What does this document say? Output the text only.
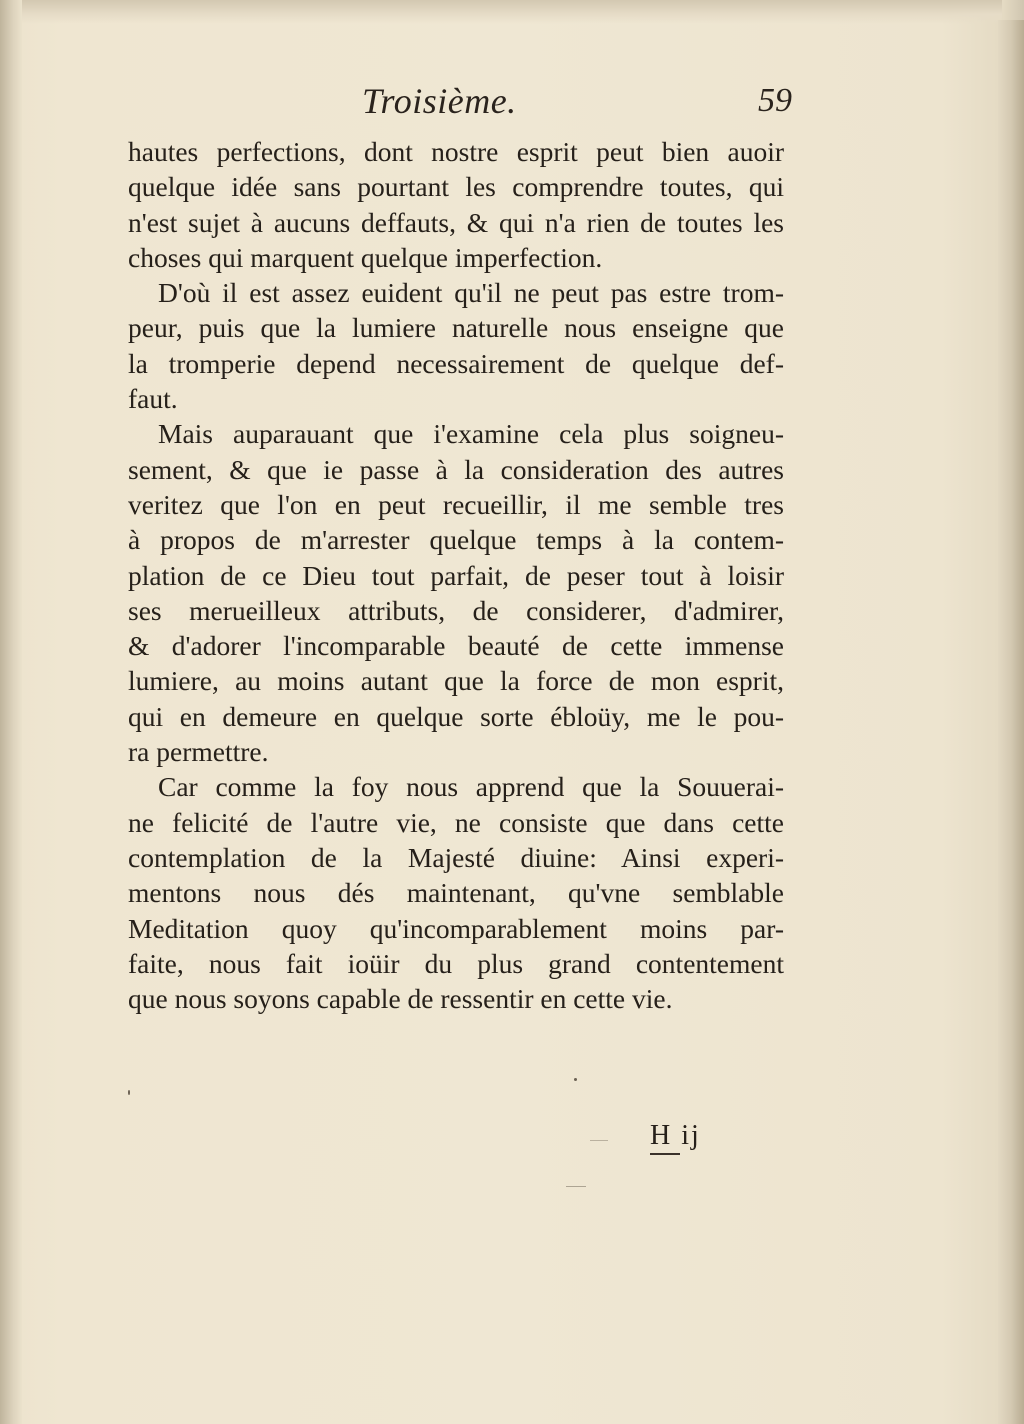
Troisième.	59
hautes perfections, dont nostre esprit peut bien auoir
quelque idée sans pourtant les comprendre toutes, qui
n'est sujet à aucuns deffauts, & qui n'a rien de toutes les
choses qui marquent quelque imperfection.
D'où il est assez euident qu'il ne peut pas estre trom-
peur, puis que la lumiere naturelle nous enseigne que
la tromperie depend necessairement de quelque def-
faut.
Mais auparauant que i'examine cela plus soigneu-
sement, & que ie passe à la consideration des autres
veritez que l'on en peut recueillir, il me semble tres
à propos de m'arrester quelque temps à la contem-
plation de ce Dieu tout parfait, de peser tout à loisir
ses merueilleux attributs, de considerer, d'admirer,
& d'adorer l'incomparable beauté de cette immense
lumiere, au moins autant que la force de mon esprit,
qui en demeure en quelque sorte ébloüy, me le pou-
ra permettre.
Car comme la foy nous apprend que la Souuerai-
ne felicité de l'autre vie, ne consiste que dans cette
contemplation de la Majesté diuine: Ainsi experi-
mentons nous dés maintenant, qu'vne semblable
Meditation quoy qu'incomparablement moins par-
faite, nous fait ioüir du plus grand contentement
que nous soyons capable de ressentir en cette vie.
H ij
